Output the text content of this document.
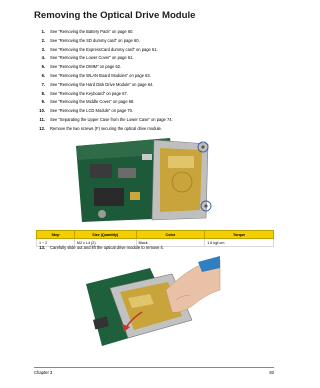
Removing the Optical Drive Module
1. See “Removing the Battery Pack” on page 60.
2. See “Removing the SD dummy card” on page 60.
3. See “Removing the ExpressCard dummy card” on page 61.
4. See “Removing the Lower Cover” on page 61.
5. See “Removing the DIMM” on page 62.
6. See “Removing the WLAN Board Modules” on page 63.
7. See “Removing the Hard Disk Drive Module” on page 64.
8. See “Removing the Keyboard” on page 67.
9. See “Removing the Middle Cover” on page 68.
10. See “Removing the LCD Module” on page 70.
11. See “Separating the Upper Case from the Lower Case” on page 74.
12. Remove the two screws (F) securing the optical drive module.
Step	Size (Quantity)	Color	Torque
1 ~ 2	M2 x L4 (2)	Black	1.6 kgf-cm
13. Carefully slide out and lift the optical drive module to remove it.
Chapter 3	83
